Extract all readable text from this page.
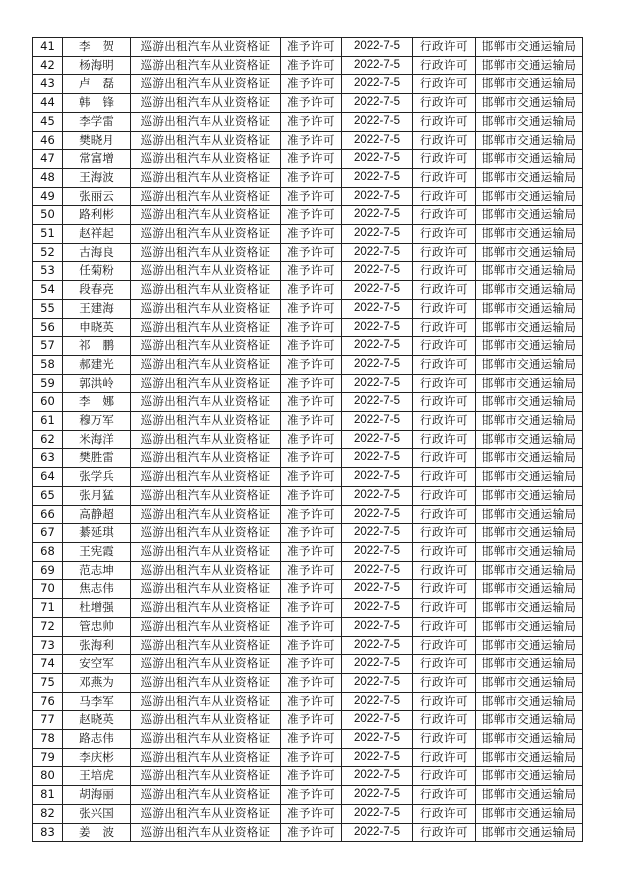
41	李贺	巡游出租汽车从业资格证	准予许可	2022-7-5	行政许可	邯郸市交通运输局
42	杨海明	巡游出租汽车从业资格证	准予许可	2022-7-5	行政许可	邯郸市交通运输局
43	卢磊	巡游出租汽车从业资格证	准予许可	2022-7-5	行政许可	邯郸市交通运输局
44	韩锋	巡游出租汽车从业资格证	准予许可	2022-7-5	行政许可	邯郸市交通运输局
45	李学雷	巡游出租汽车从业资格证	准予许可	2022-7-5	行政许可	邯郸市交通运输局
46	樊晓月	巡游出租汽车从业资格证	准予许可	2022-7-5	行政许可	邯郸市交通运输局
47	常富增	巡游出租汽车从业资格证	准予许可	2022-7-5	行政许可	邯郸市交通运输局
48	王海波	巡游出租汽车从业资格证	准予许可	2022-7-5	行政许可	邯郸市交通运输局
49	张丽云	巡游出租汽车从业资格证	准予许可	2022-7-5	行政许可	邯郸市交通运输局
50	路利彬	巡游出租汽车从业资格证	准予许可	2022-7-5	行政许可	邯郸市交通运输局
51	赵祥起	巡游出租汽车从业资格证	准予许可	2022-7-5	行政许可	邯郸市交通运输局
52	古海良	巡游出租汽车从业资格证	准予许可	2022-7-5	行政许可	邯郸市交通运输局
53	任菊粉	巡游出租汽车从业资格证	准予许可	2022-7-5	行政许可	邯郸市交通运输局
54	段春亮	巡游出租汽车从业资格证	准予许可	2022-7-5	行政许可	邯郸市交通运输局
55	王建海	巡游出租汽车从业资格证	准予许可	2022-7-5	行政许可	邯郸市交通运输局
56	申晓英	巡游出租汽车从业资格证	准予许可	2022-7-5	行政许可	邯郸市交通运输局
57	祁鹏	巡游出租汽车从业资格证	准予许可	2022-7-5	行政许可	邯郸市交通运输局
58	郝建光	巡游出租汽车从业资格证	准予许可	2022-7-5	行政许可	邯郸市交通运输局
59	郭洪岭	巡游出租汽车从业资格证	准予许可	2022-7-5	行政许可	邯郸市交通运输局
60	李娜	巡游出租汽车从业资格证	准予许可	2022-7-5	行政许可	邯郸市交通运输局
61	穆万军	巡游出租汽车从业资格证	准予许可	2022-7-5	行政许可	邯郸市交通运输局
62	米海洋	巡游出租汽车从业资格证	准予许可	2022-7-5	行政许可	邯郸市交通运输局
63	樊胜雷	巡游出租汽车从业资格证	准予许可	2022-7-5	行政许可	邯郸市交通运输局
64	张学兵	巡游出租汽车从业资格证	准予许可	2022-7-5	行政许可	邯郸市交通运输局
65	张月猛	巡游出租汽车从业资格证	准予许可	2022-7-5	行政许可	邯郸市交通运输局
66	高静超	巡游出租汽车从业资格证	准予许可	2022-7-5	行政许可	邯郸市交通运输局
67	綦延琪	巡游出租汽车从业资格证	准予许可	2022-7-5	行政许可	邯郸市交通运输局
68	王宪霞	巡游出租汽车从业资格证	准予许可	2022-7-5	行政许可	邯郸市交通运输局
69	范志坤	巡游出租汽车从业资格证	准予许可	2022-7-5	行政许可	邯郸市交通运输局
70	焦志伟	巡游出租汽车从业资格证	准予许可	2022-7-5	行政许可	邯郸市交通运输局
71	杜增强	巡游出租汽车从业资格证	准予许可	2022-7-5	行政许可	邯郸市交通运输局
72	管忠帅	巡游出租汽车从业资格证	准予许可	2022-7-5	行政许可	邯郸市交通运输局
73	张海利	巡游出租汽车从业资格证	准予许可	2022-7-5	行政许可	邯郸市交通运输局
74	安空军	巡游出租汽车从业资格证	准予许可	2022-7-5	行政许可	邯郸市交通运输局
75	邓燕为	巡游出租汽车从业资格证	准予许可	2022-7-5	行政许可	邯郸市交通运输局
76	马李军	巡游出租汽车从业资格证	准予许可	2022-7-5	行政许可	邯郸市交通运输局
77	赵晓英	巡游出租汽车从业资格证	准予许可	2022-7-5	行政许可	邯郸市交通运输局
78	路志伟	巡游出租汽车从业资格证	准予许可	2022-7-5	行政许可	邯郸市交通运输局
79	李庆彬	巡游出租汽车从业资格证	准予许可	2022-7-5	行政许可	邯郸市交通运输局
80	王培虎	巡游出租汽车从业资格证	准予许可	2022-7-5	行政许可	邯郸市交通运输局
81	胡海丽	巡游出租汽车从业资格证	准予许可	2022-7-5	行政许可	邯郸市交通运输局
82	张兴国	巡游出租汽车从业资格证	准予许可	2022-7-5	行政许可	邯郸市交通运输局
83	姜波	巡游出租汽车从业资格证	准予许可	2022-7-5	行政许可	邯郸市交通运输局
